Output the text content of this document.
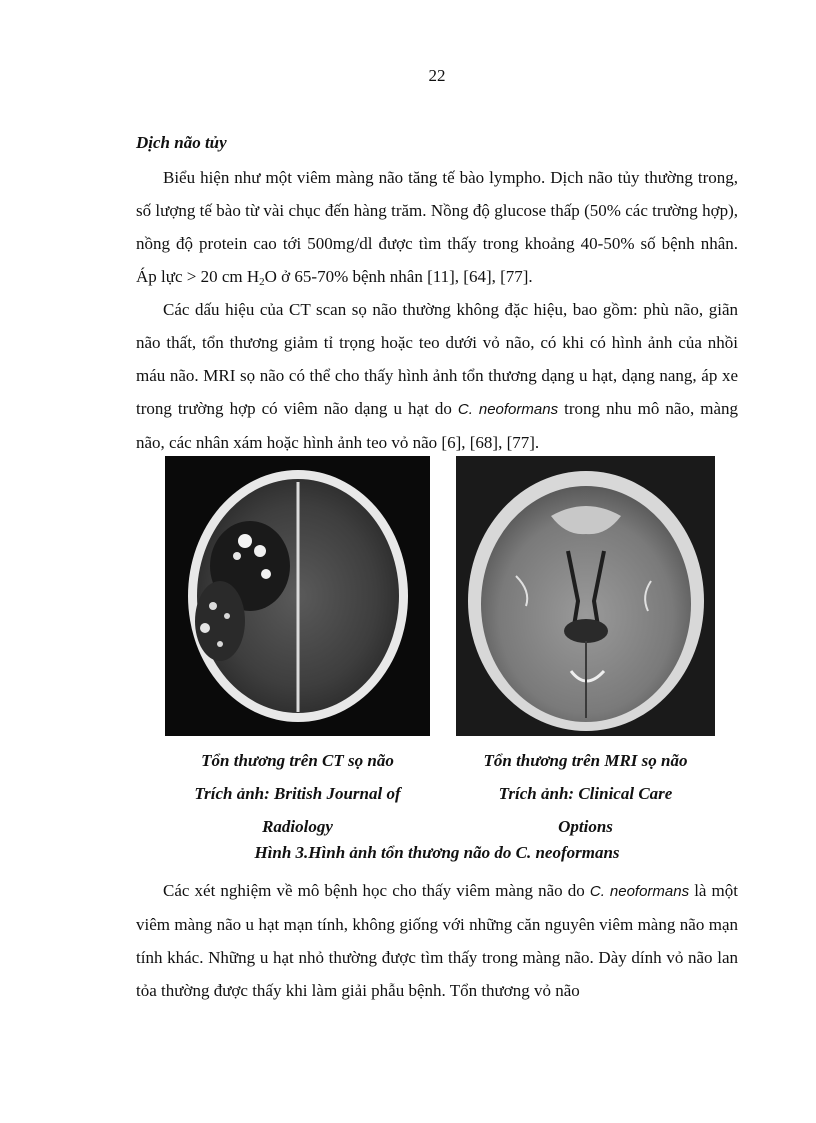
22
Dịch não tủy

Biểu hiện như một viêm màng não tăng tế bào lympho. Dịch não tủy thường trong, số lượng tế bào từ vài chục đến hàng trăm. Nồng độ glucose thấp (50% các trường hợp), nồng độ protein cao tới 500mg/dl được tìm thấy trong khoảng 40-50% số bệnh nhân. Áp lực > 20 cm $H_2O$ ở 65-70% bệnh nhân [11], [64], [77].

Các dấu hiệu của CT scan sọ não thường không đặc hiệu, bao gồm: phù não, giãn não thất, tổn thương giảm tỉ trọng hoặc teo dưới vỏ não, có khi có hình ảnh của nhồi máu não. MRI sọ não có thể cho thấy hình ảnh tổn thương dạng u hạt, dạng nang, áp xe trong trường hợp có viêm não dạng u hạt do C. neoformans trong nhu mô não, màng não, các nhân xám hoặc hình ảnh teo vỏ não [6], [68], [77].

Tổn thương trên CT sọ não
Trích ảnh: British Journal of
Radiology
Tổn thương trên MRI sọ não
Trích ảnh: Clinical Care
Options
Hình 3.Hình ảnh tổn thương não do C. neoformans

Các xét nghiệm về mô bệnh học cho thấy viêm màng não do C. neoformans là một viêm màng não u hạt mạn tính, không giống với những căn nguyên viêm màng não mạn tính khác. Những u hạt nhỏ thường được tìm thấy trong màng não. Dày dính vỏ não lan tỏa thường được thấy khi làm giải phẫu bệnh. Tổn thương vỏ não
